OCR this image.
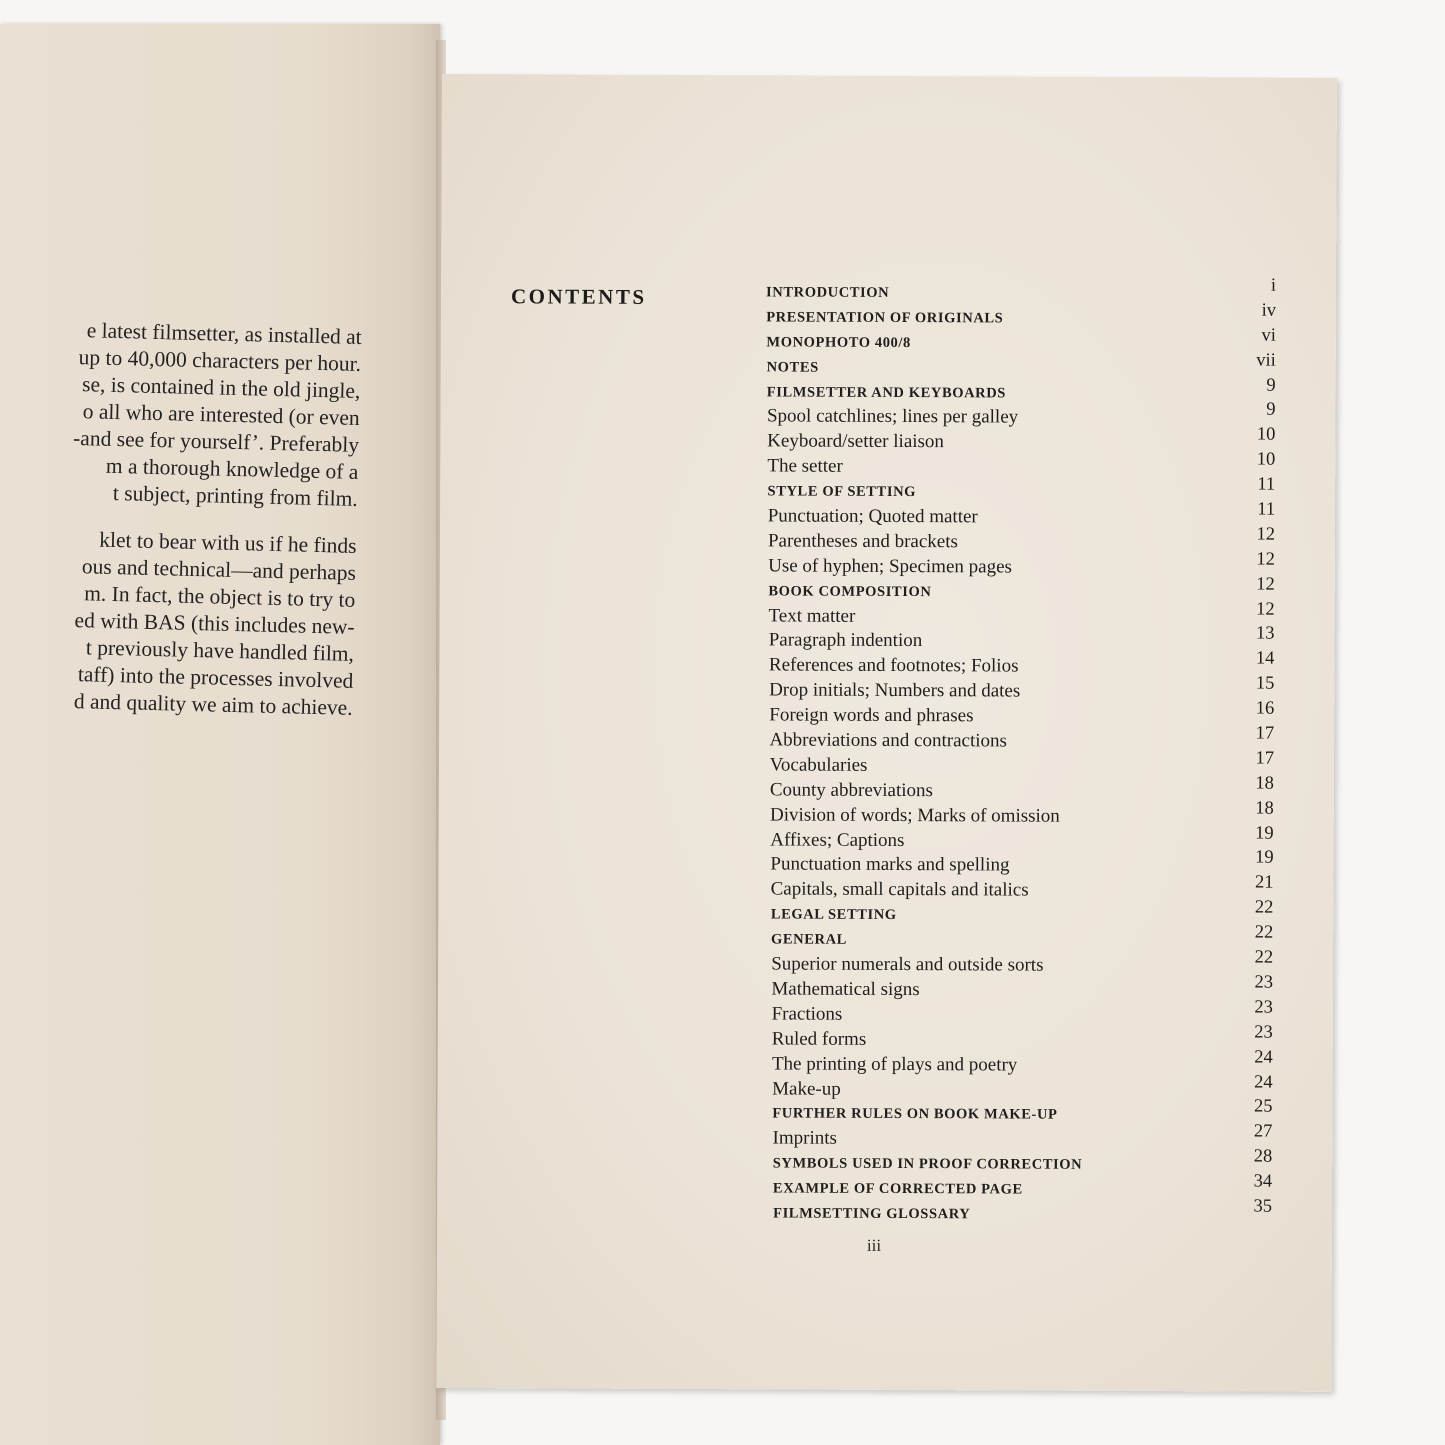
e latest filmsetter, as installed at
up to 40,000 characters per hour.
se, is contained in the old jingle,
o all who are interested (or even
-and see for yourself’. Preferably
m a thorough knowledge of a
t subject, printing from film.

klet to bear with us if he finds
ous and technical—and perhaps
m. In fact, the object is to try to
ed with BAS (this includes new-
t previously have handled film,
taff) into the processes involved
d and quality we aim to achieve.

CONTENTS	INTRODUCTION	i
PRESENTATION OF ORIGINALS	iv
MONOPHOTO 400/8	vi
NOTES	vii
FILMSETTER AND KEYBOARDS	9
Spool catchlines; lines per galley	9
Keyboard/setter liaison	10
The setter	10
STYLE OF SETTING	11
Punctuation; Quoted matter	11
Parentheses and brackets	12
Use of hyphen; Specimen pages	12
BOOK COMPOSITION	12
Text matter	12
Paragraph indention	13
References and footnotes; Folios	14
Drop initials; Numbers and dates	15
Foreign words and phrases	16
Abbreviations and contractions	17
Vocabularies	17
County abbreviations	18
Division of words; Marks of omission	18
Affixes; Captions	19
Punctuation marks and spelling	19
Capitals, small capitals and italics	21
LEGAL SETTING	22
GENERAL	22
Superior numerals and outside sorts	22
Mathematical signs	23
Fractions	23
Ruled forms	23
The printing of plays and poetry	24
Make-up	24
FURTHER RULES ON BOOK MAKE-UP	25
Imprints	27
SYMBOLS USED IN PROOF CORRECTION	28
EXAMPLE OF CORRECTED PAGE	34
FILMSETTING GLOSSARY	35
iii
